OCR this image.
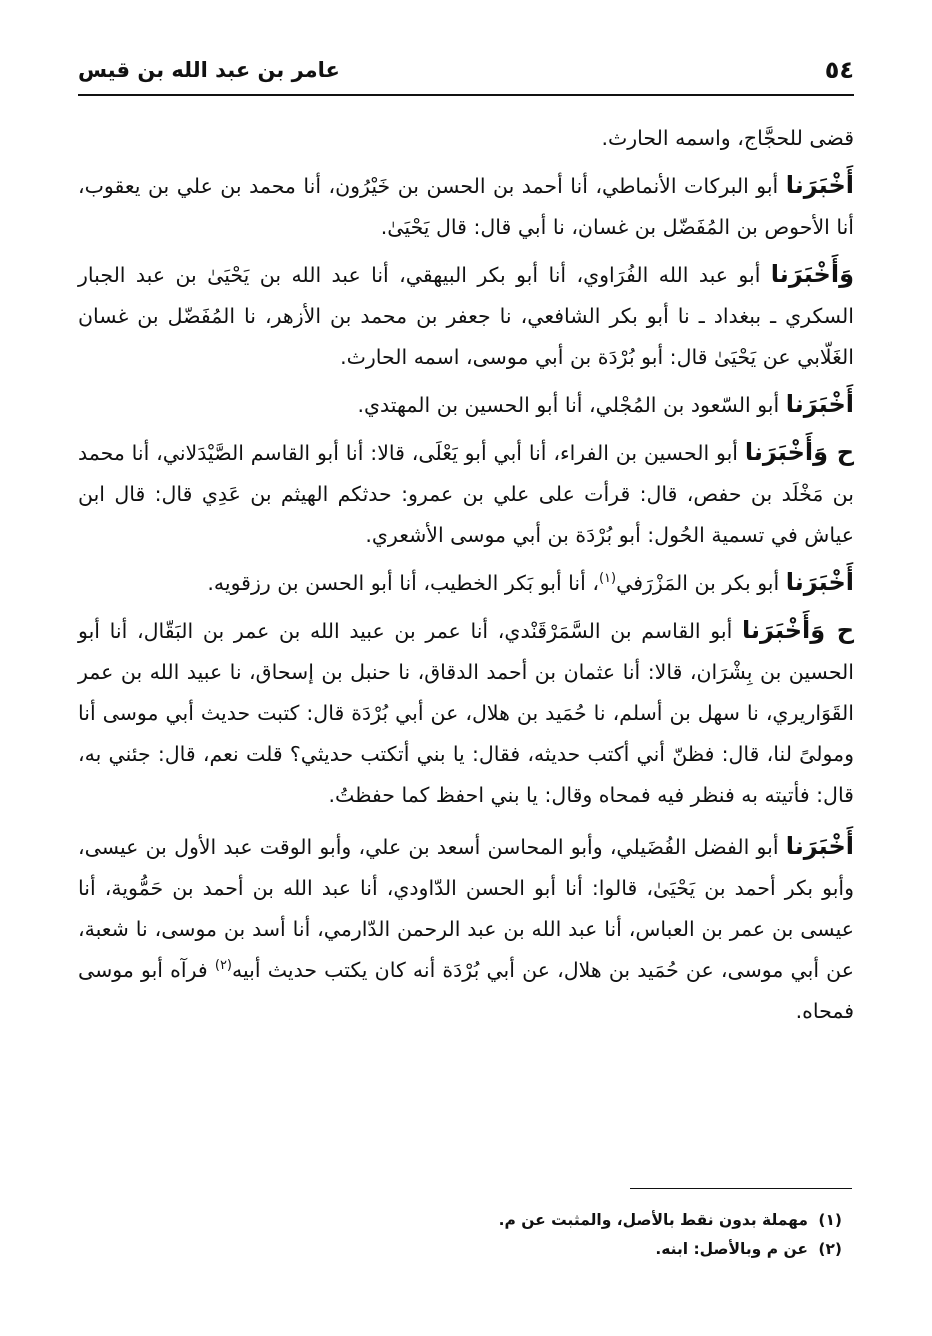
٥٤
عامر بن عبد الله بن قيس

قضى للحجَّاج، واسمه الحارث.

أَخْبَرَنا أبو البركات الأنماطي، أنا أحمد بن الحسن بن خَيْرُون، أنا محمد بن علي بن يعقوب، أنا الأحوص بن المُفَضّل بن غسان، نا أبي قال: قال يَحْيَىٰ.

وَأَخْبَرَنا أبو عبد الله الفُرَاوي، أنا أبو بكر البيهقي، أنا عبد الله بن يَحْيَىٰ بن عبد الجبار السكري ـ ببغداد ـ نا أبو بكر الشافعي، نا جعفر بن محمد بن الأزهر، نا المُفَضّل بن غسان الغَلّابي عن يَحْيَىٰ قال: أبو بُرْدَة بن أبي موسى، اسمه الحارث.

أَخْبَرَنا أبو السّعود بن المُجْلي، أنا أبو الحسين بن المهتدي.

ح وَأَخْبَرَنا أبو الحسين بن الفراء، أنا أبي أبو يَعْلَى، قالا: أنا أبو القاسم الصَّيْدَلاني، أنا محمد بن مَخْلَد بن حفص، قال: قرأت على علي بن عمرو: حدثكم الهيثم بن عَدِي قال: قال ابن عياش في تسمية الحُول: أبو بُرْدَة بن أبي موسى الأشعري.

أَخْبَرَنا أبو بكر بن المَزْرَفي$^{(١)}$، أنا أبو بَكر الخطيب، أنا أبو الحسن بن رزقويه.

ح وَأَخْبَرَنا أبو القاسم بن السَّمَرْقَنْدي، أنا عمر بن عبيد الله بن عمر بن البَقّال، أنا أبو الحسين بن بِشْرَان، قالا: أنا عثمان بن أحمد الدقاق، نا حنبل بن إسحاق، نا عبيد الله بن عمر القَوَاريري، نا سهل بن أسلم، نا حُمَيد بن هلال، عن أبي بُرْدَة قال: كتبت حديث أبي موسى أنا ومولىً لنا، قال: فظنّ أني أكتب حديثه، فقال: يا بني أتكتب حديثي؟ قلت نعم، قال: جئني به، قال: فأتيته به فنظر فيه فمحاه وقال: يا بني احفظ كما حفظتُ.

أَخْبَرَنا أبو الفضل الفُضَيلي، وأبو المحاسن أسعد بن علي، وأبو الوقت عبد الأول بن عيسى، وأبو بكر أحمد بن يَحْيَىٰ، قالوا: أنا أبو الحسن الدّاودي، أنا عبد الله بن أحمد بن حَمُّوية، أنا عيسى بن عمر بن العباس، أنا عبد الله بن عبد الرحمن الدّارمي، أنا أسد بن موسى، نا شعبة، عن أبي موسى، عن حُمَيد بن هلال، عن أبي بُرْدَة أنه كان يكتب حديث أبيه$^{(٢)}$ فرآه أبو موسى فمحاه.

(١)مهملة بدون نقط بالأصل، والمثبت عن م.

(٢)عن م وبالأصل: ابنه.
